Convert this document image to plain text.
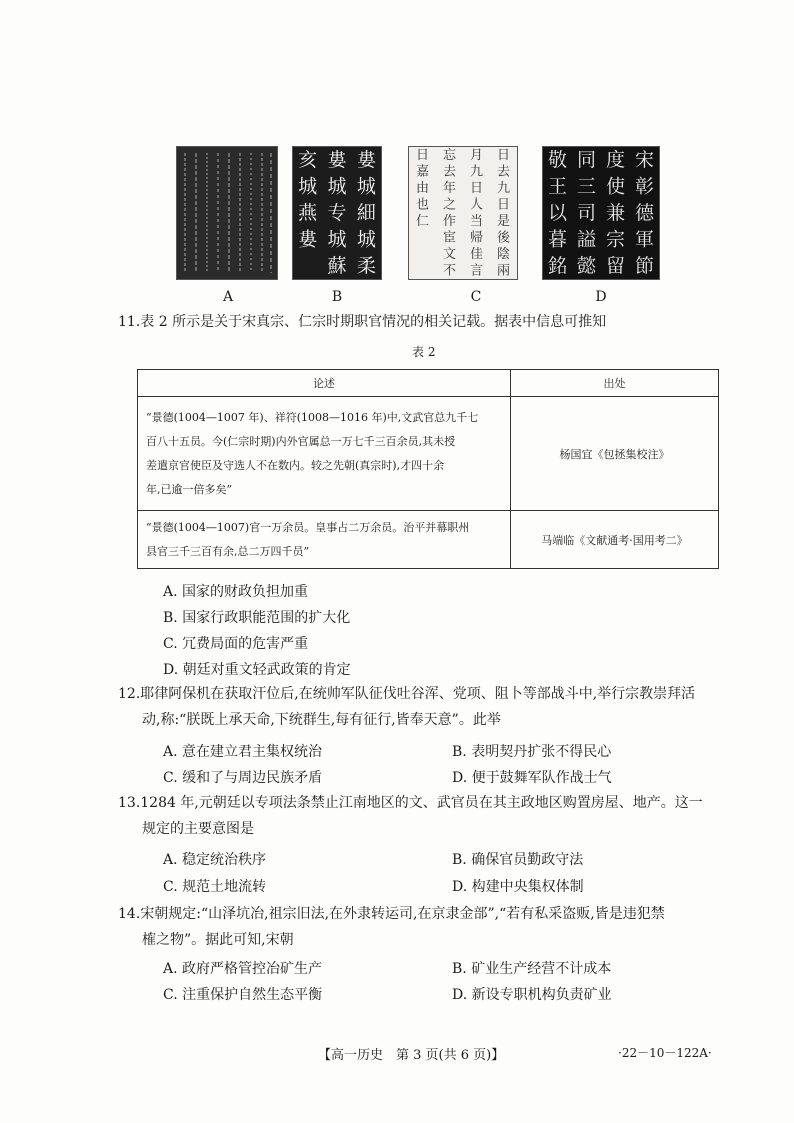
婁
城
細
城
柔
婁
城
专
城
蘇
亥
城
燕
婁
日
去
九
日
是
後
陰
兩
月
九
日
人
当
帰
佳
言
忘
去
年
之
作
宦
文
不
日
嘉
由
也
仁
宋
彰
德
軍
節
度
使
兼
宗
留
同
三
司
謚
懿
敬
王
以
暮
銘
A	B	C	D
11.表 2 所示是关于宋真宗、仁宗时期职官情况的相关记载。据表中信息可推知
表 2
论述	出处

“景德(1004—1007 年)、祥符(1008—1016 年)中,文武官总九千七
百八十五员。今(仁宗时期)内外官属总一万七千三百余员,其未授
差遣京官使臣及守选人不在数内。较之先朝(真宗时),才四十余
年,已逾一倍多矣”	杨国宜《包拯集校注》

“景德(1004—1007)官一万余员。皇事占二万余员。治平并幕职州
县官三千三百有余,总二万四千员”	马端临《文献通考·国用考二》
A. 国家的财政负担加重
B. 国家行政职能范围的扩大化
C. 冗费局面的危害严重
D. 朝廷对重文轻武政策的肯定
12.耶律阿保机在获取汗位后,在统帅军队征伐吐谷浑、党项、阻卜等部战斗中,举行宗教崇拜活
动,称:“朕既上承天命,下统群生,每有征行,皆奉天意”。此举
A. 意在建立君主集权统治	B. 表明契丹扩张不得民心
C. 缓和了与周边民族矛盾	D. 便于鼓舞军队作战士气
13.1284 年,元朝廷以专项法条禁止江南地区的文、武官员在其主政地区购置房屋、地产。这一
规定的主要意图是
A. 稳定统治秩序	B. 确保官员勤政守法
C. 规范土地流转	D. 构建中央集权体制
14.宋朝规定:“山泽坑冶,祖宗旧法,在外隶转运司,在京隶金部”,“若有私采盗贩,皆是违犯禁
榷之物”。据此可知,宋朝
A. 政府严格管控冶矿生产	B. 矿业生产经营不计成本
C. 注重保护自然生态平衡	D. 新设专职机构负责矿业
【高一历史　第 3 页(共 6 页)】	·22－10－122A·
